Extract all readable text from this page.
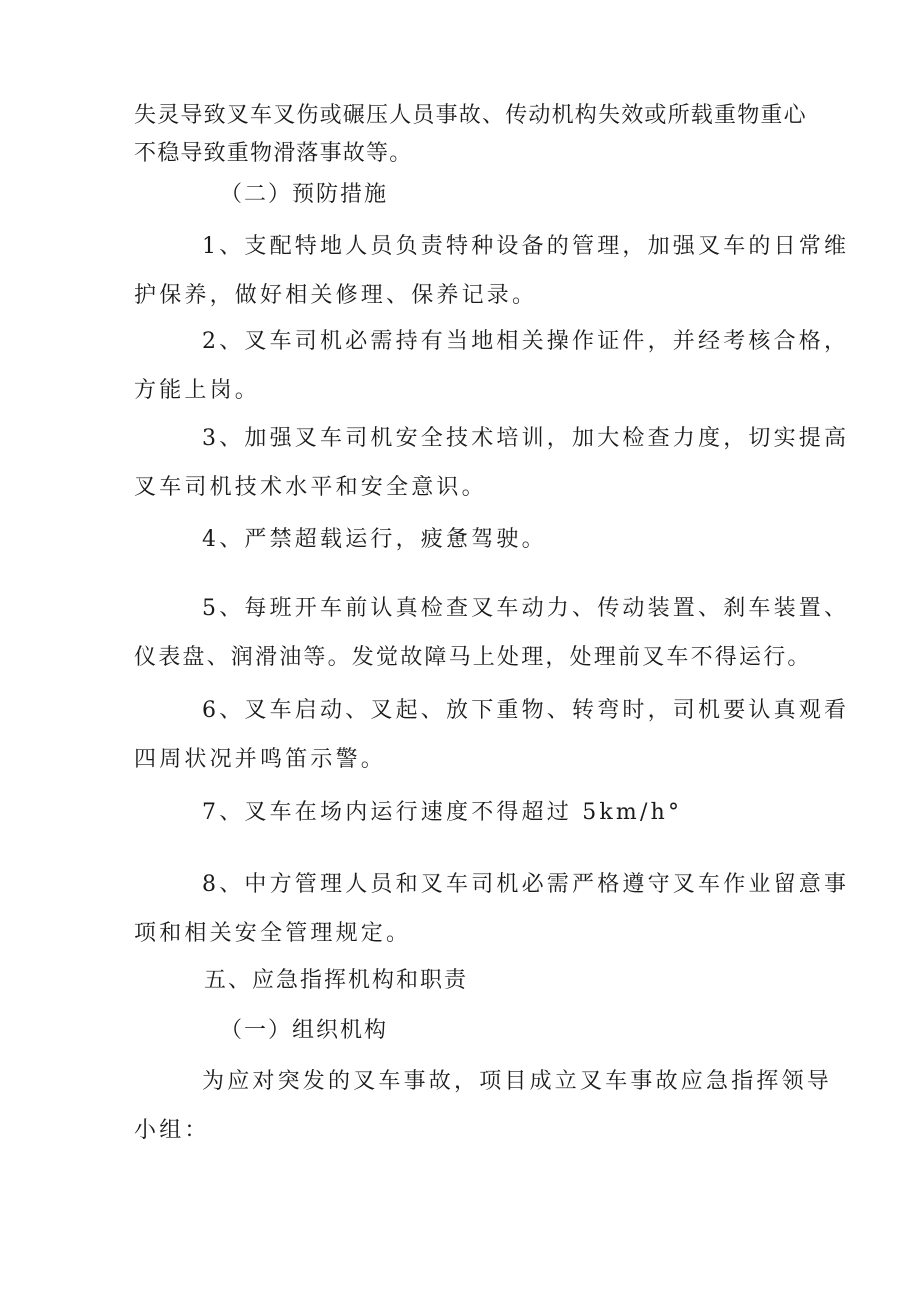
失灵导致叉车叉伤或碾压人员事故、传动机构失效或所载重物重心
不稳导致重物滑落事故等。

（二）预防措施

1、支配特地人员负责特种设备的管理，加强叉车的日常维
护保养，做好相关修理、保养记录。

2、叉车司机必需持有当地相关操作证件，并经考核合格，
方能上岗。

3、加强叉车司机安全技术培训，加大检查力度，切实提高
叉车司机技术水平和安全意识。

4、严禁超载运行，疲惫驾驶。

5、每班开车前认真检查叉车动力、传动装置、刹车装置、
仪表盘、润滑油等。发觉故障马上处理，处理前叉车不得运行。

6、叉车启动、叉起、放下重物、转弯时，司机要认真观看
四周状况并鸣笛示警。

7、叉车在场内运行速度不得超过 5km/h°

8、中方管理人员和叉车司机必需严格遵守叉车作业留意事
项和相关安全管理规定。

五、应急指挥机构和职责

（一）组织机构

为应对突发的叉车事故，项目成立叉车事故应急指挥领导
小组：
